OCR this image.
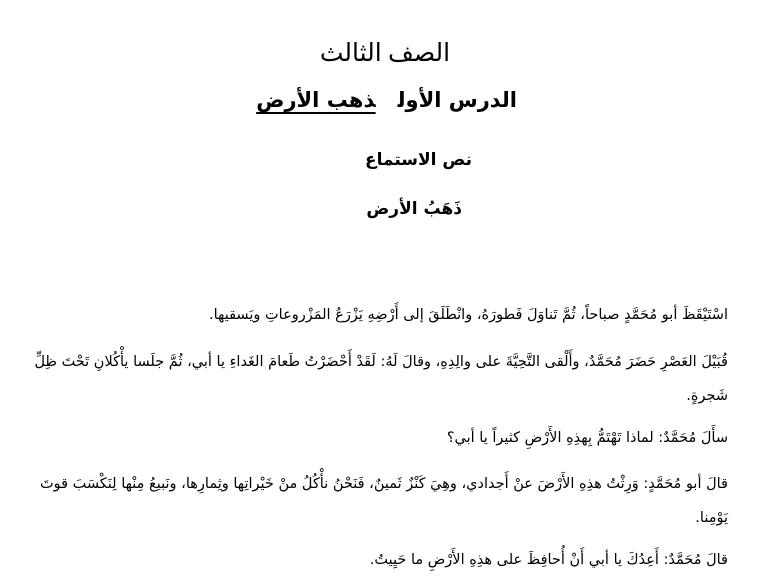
الصف الثالث
الدرس الأولذهب الأرض
نص الاستماع
ذَهَبُ الأرض

اسْتَيْقَظَ أبو مُحَمَّدٍ صباحاً، ثُمَّ تَناوَلَ فَطورَهُ، وانْطَلَقَ إلى أَرْضِهِ يَزْرَعُ المَزْروعاتِ ويَسقيها.

قُبَيْلَ العَصْرِ حَضَرَ مُحَمَّدٌ، وأَلْقى التَّحِيَّةَ على والِدِهِ، وقالَ لَهُ: لَقَدْ أَحْضَرْتُ طَعامَ الغَداءِ يا أبي، ثُمَّ جلَسا يأْكُلانِ تَحْتَ ظِلِّ شَجرةٍ.

سأَلَ مُحَمَّدٌ: لماذا تَهْتَمُّ بِهذِهِ الأَرْضِ كثيراً يا أبي؟

قالَ أبو مُحَمَّدٍ: وَرِثْتُ هذِهِ الأَرْضَ عنْ أَجدادي، وهِيَ كَنْزٌ ثَمينٌ، فَنَحْنُ نأْكُلُ منْ خَيْراتِها وثِمارِها، ونَبيعُ مِنْها لِنَكْسَبَ قوتَ يَوْمِنا.

قالَ مُحَمَّدٌ: أَعِدُكَ يا أبي أَنْ أُحافِظَ على هذِهِ الأَرْضِ ما حَيِيتُ.
